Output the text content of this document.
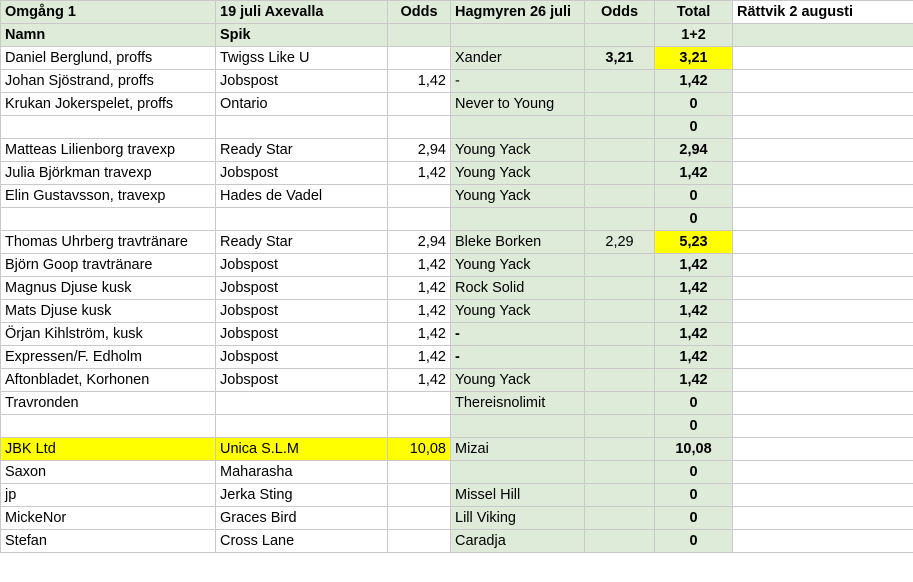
Omgång 1	19 juli Axevalla	Odds	Hagmyren 26 juli	Odds	Total	Rättvik 2 augusti
Namn	Spik				1+2	
Daniel Berglund, proffs	Twigss Like U		Xander	3,21	3,21	
Johan Sjöstrand, proffs	Jobspost	1,42	-		1,42	
Krukan Jokerspelet, proffs	Ontario		Never to Young		0	
					0	
Matteas Lilienborg travexp	Ready Star	2,94	Young Yack		2,94	
Julia Björkman travexp	Jobspost	1,42	Young Yack		1,42	
Elin Gustavsson, travexp	Hades de Vadel		Young Yack		0	
					0	
Thomas Uhrberg travtränare	Ready Star	2,94	Bleke Borken	2,29	5,23	
Björn Goop travtränare	Jobspost	1,42	Young Yack		1,42	
Magnus Djuse kusk	Jobspost	1,42	Rock Solid		1,42	
Mats Djuse kusk	Jobspost	1,42	Young Yack		1,42	
Örjan Kihlström, kusk	Jobspost	1,42	-		1,42	
Expressen/F. Edholm	Jobspost	1,42	-		1,42	
Aftonbladet, Korhonen	Jobspost	1,42	Young Yack		1,42	
Travronden			Thereisnolimit		0	
					0	
JBK Ltd	Unica S.L.M	10,08	Mizai		10,08	
Saxon	Maharasha				0	
jp	Jerka Sting		Missel Hill		0	
MickeNor	Graces Bird		Lill Viking		0	
Stefan	Cross Lane		Caradja		0	
